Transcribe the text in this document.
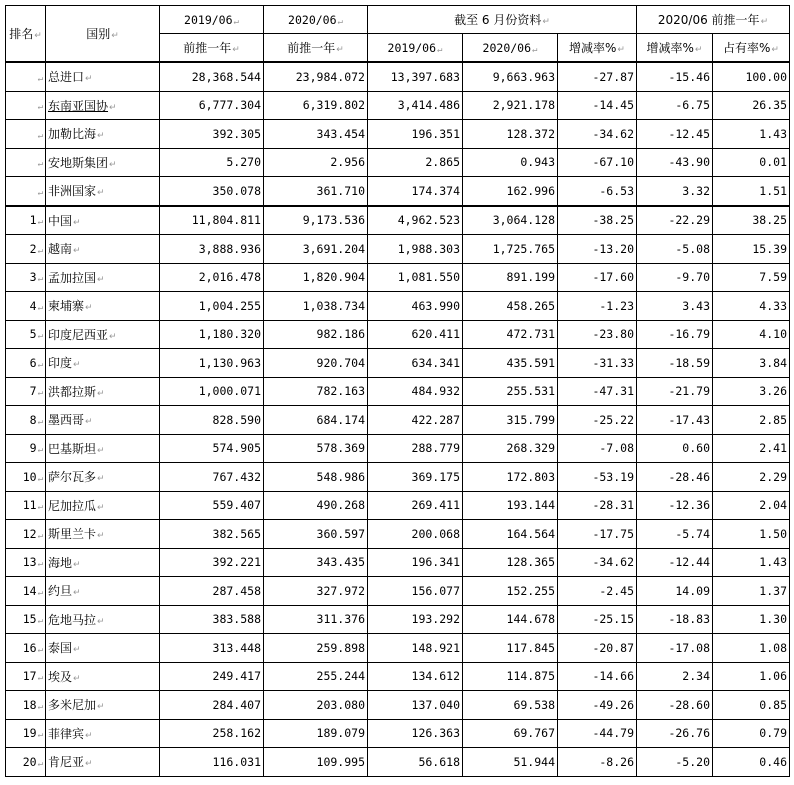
排名↵	国别↵	2019/06↵	2020/06↵	截至 6 月份资料↵			2020/06 前推一年↵	
		前推一年↵	前推一年↵	2019/06↵	2020/06↵	增减率%↵	增减率%↵	占有率%↵
↵	总进口↵	28,368.544	23,984.072	13,397.683	9,663.963	-27.87	-15.46	100.00
↵	东南亚国协↵	6,777.304	6,319.802	3,414.486	2,921.178	-14.45	-6.75	26.35
↵	加勒比海↵	392.305	343.454	196.351	128.372	-34.62	-12.45	1.43
↵	安地斯集团↵	5.270	2.956	2.865	0.943	-67.10	-43.90	0.01
↵	非洲国家↵	350.078	361.710	174.374	162.996	-6.53	3.32	1.51
1↵	中国↵	11,804.811	9,173.536	4,962.523	3,064.128	-38.25	-22.29	38.25
2↵	越南↵	3,888.936	3,691.204	1,988.303	1,725.765	-13.20	-5.08	15.39
3↵	孟加拉国↵	2,016.478	1,820.904	1,081.550	891.199	-17.60	-9.70	7.59
4↵	柬埔寨↵	1,004.255	1,038.734	463.990	458.265	-1.23	3.43	4.33
5↵	印度尼西亚↵	1,180.320	982.186	620.411	472.731	-23.80	-16.79	4.10
6↵	印度↵	1,130.963	920.704	634.341	435.591	-31.33	-18.59	3.84
7↵	洪都拉斯↵	1,000.071	782.163	484.932	255.531	-47.31	-21.79	3.26
8↵	墨西哥↵	828.590	684.174	422.287	315.799	-25.22	-17.43	2.85
9↵	巴基斯坦↵	574.905	578.369	288.779	268.329	-7.08	0.60	2.41
10↵	萨尔瓦多↵	767.432	548.986	369.175	172.803	-53.19	-28.46	2.29
11↵	尼加拉瓜↵	559.407	490.268	269.411	193.144	-28.31	-12.36	2.04
12↵	斯里兰卡↵	382.565	360.597	200.068	164.564	-17.75	-5.74	1.50
13↵	海地↵	392.221	343.435	196.341	128.365	-34.62	-12.44	1.43
14↵	约旦↵	287.458	327.972	156.077	152.255	-2.45	14.09	1.37
15↵	危地马拉↵	383.588	311.376	193.292	144.678	-25.15	-18.83	1.30
16↵	泰国↵	313.448	259.898	148.921	117.845	-20.87	-17.08	1.08
17↵	埃及↵	249.417	255.244	134.612	114.875	-14.66	2.34	1.06
18↵	多米尼加↵	284.407	203.080	137.040	69.538	-49.26	-28.60	0.85
19↵	菲律宾↵	258.162	189.079	126.363	69.767	-44.79	-26.76	0.79
20↵	肯尼亚↵	116.031	109.995	56.618	51.944	-8.26	-5.20	0.46
